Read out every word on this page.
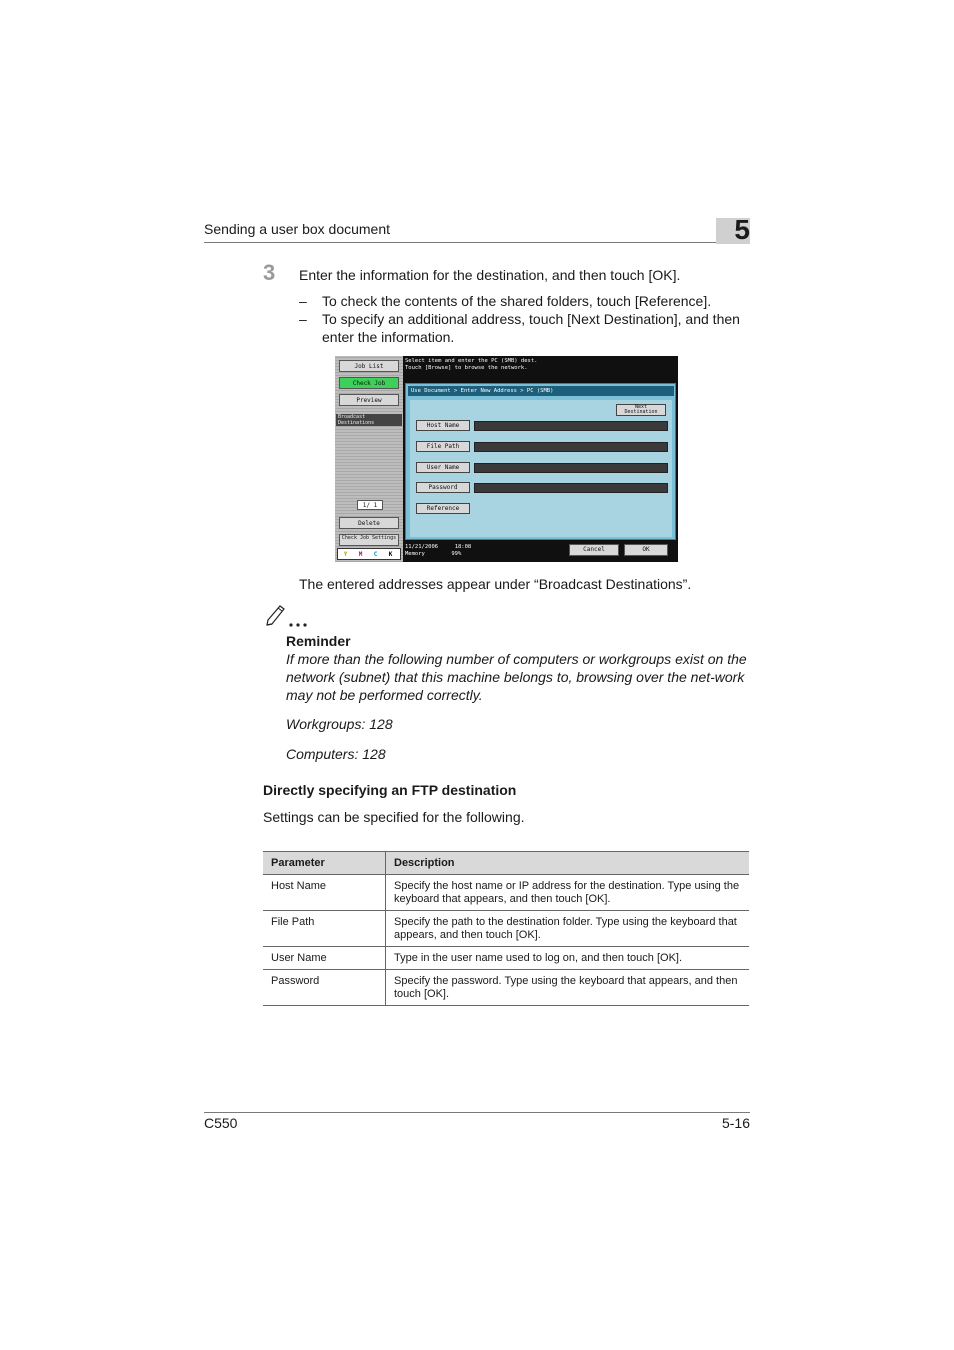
Sending a user box document	5
3 Enter the information for the destination, and then touch [OK].
– To check the contents of the shared folders, touch [Reference].
– To specify an additional address, touch [Next Destination], and then enter the information.
Job List
Check Job
Preview
Broadcast Destinations
1/ 1
Delete
Check Job Settings
Y M C K
Select item and enter the PC (SMB) dest.
Touch [Browse] to browse the network.
Use Document > Enter New Address > PC (SMB)
Next Destination
Host Name
File Path
User Name
Password
Reference
11/21/2006	18:08
Memory	99%
Cancel	OK
The entered addresses appear under “Broadcast Destinations”.
Reminder
If more than the following number of computers or workgroups exist on the network (subnet) that this machine belongs to, browsing over the net-work may not be performed correctly.
Workgroups: 128
Computers: 128
Directly specifying an FTP destination
Settings can be specified for the following.
Parameter	Description
Host Name	Specify the host name or IP address for the destination. Type using the keyboard that appears, and then touch [OK].
File Path	Specify the path to the destination folder. Type using the keyboard that appears, and then touch [OK].
User Name	Type in the user name used to log on, and then touch [OK].
Password	Specify the password. Type using the keyboard that appears, and then touch [OK].
C550	5-16
